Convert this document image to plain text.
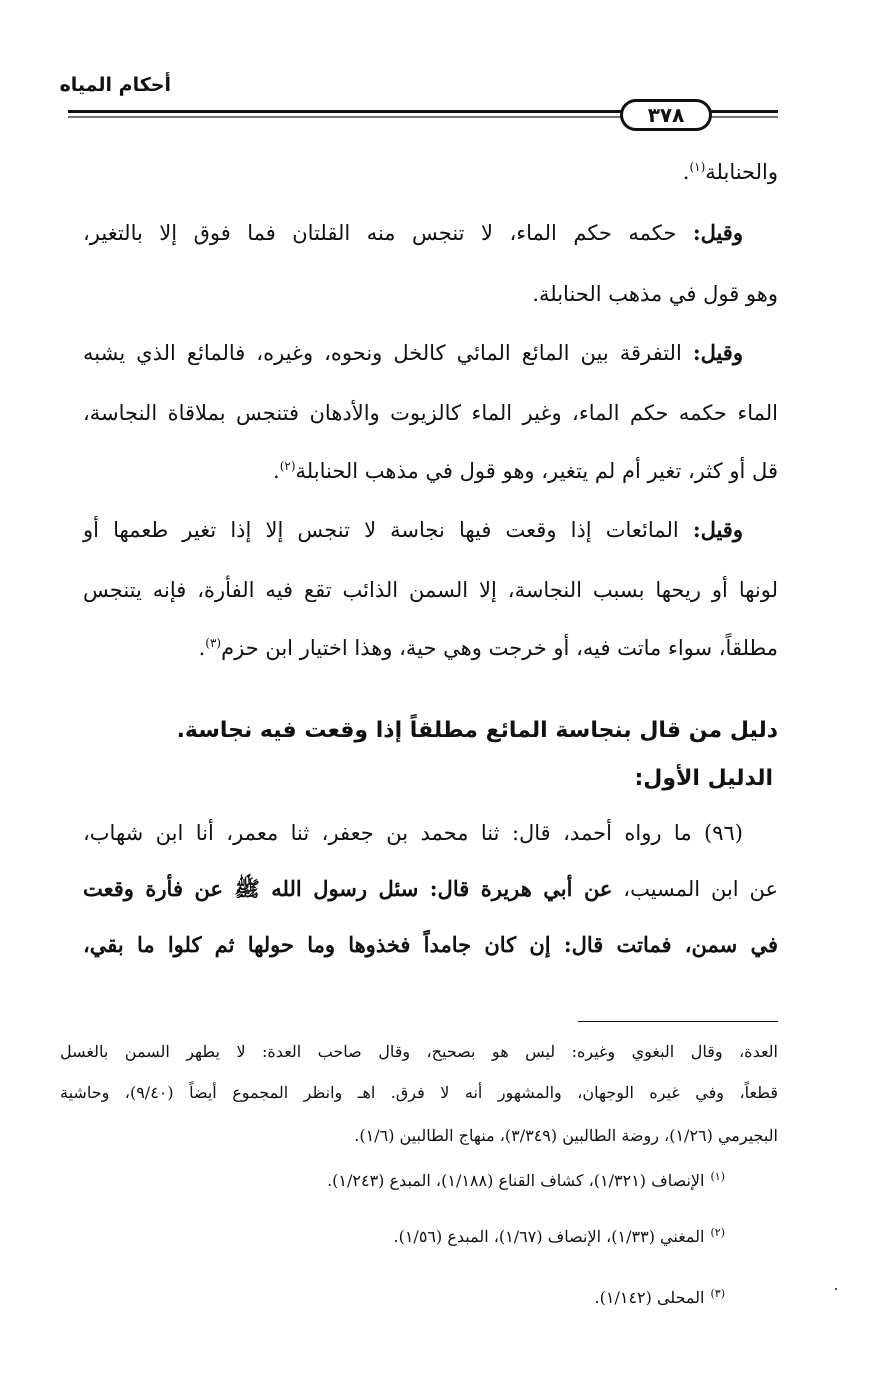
أحكام المياه
٣٧٨
والحنابلة$^{(١)}$.
وقيل: حكمه حكم الماء، لا تنجس منه القلتان فما فوق إلا بالتغير،
وهو قول في مذهب الحنابلة.
وقيل: التفرقة بين المائع المائي كالخل ونحوه، وغيره، فالمائع الذي يشبه
الماء حكمه حكم الماء، وغير الماء كالزيوت والأدهان فتنجس بملاقاة النجاسة،
قل أو كثر، تغير أم لم يتغير، وهو قول في مذهب الحنابلة$^{(٢)}$.
وقيل: المائعات إذا وقعت فيها نجاسة لا تنجس إلا إذا تغير طعمها أو
لونها أو ريحها بسبب النجاسة، إلا السمن الذائب تقع فيه الفأرة، فإنه يتنجس
مطلقاً، سواء ماتت فيه، أو خرجت وهي حية، وهذا اختيار ابن حزم$^{(٣)}$.
دليل من قال بنجاسة المائع مطلقاً إذا وقعت فيه نجاسة.
الدليل الأول:
(٩٦) ما رواه أحمد، قال: ثنا محمد بن جعفر، ثنا معمر، أنا ابن شهاب،
عن ابن المسيب، عن أبي هريرة قال: سئل رسول الله ﷺ عن فأرة وقعت
في سمن، فماتت قال: إن كان جامداً فخذوها وما حولها ثم كلوا ما بقي،
العدة، وقال البغوي وغيره: ليس هو بصحيح، وقال صاحب العدة: لا يطهر السمن بالغسل
قطعاً، وفي غيره الوجهان، والمشهور أنه لا فرق. اهـ وانظر المجموع أيضاً (٩/٤٠)، وحاشية
البجيرمي (١/٢٦)، روضة الطالبين (٣/٣٤٩)، منهاج الطالبين (١/٦).
$^{(١)}$الإنصاف (١/٣٢١)، كشاف القناع (١/١٨٨)، المبدع (١/٢٤٣).
$^{(٢)}$المغني (١/٣٣)، الإنصاف (١/٦٧)، المبدع (١/٥٦).
$^{(٣)}$المحلى (١/١٤٢).
